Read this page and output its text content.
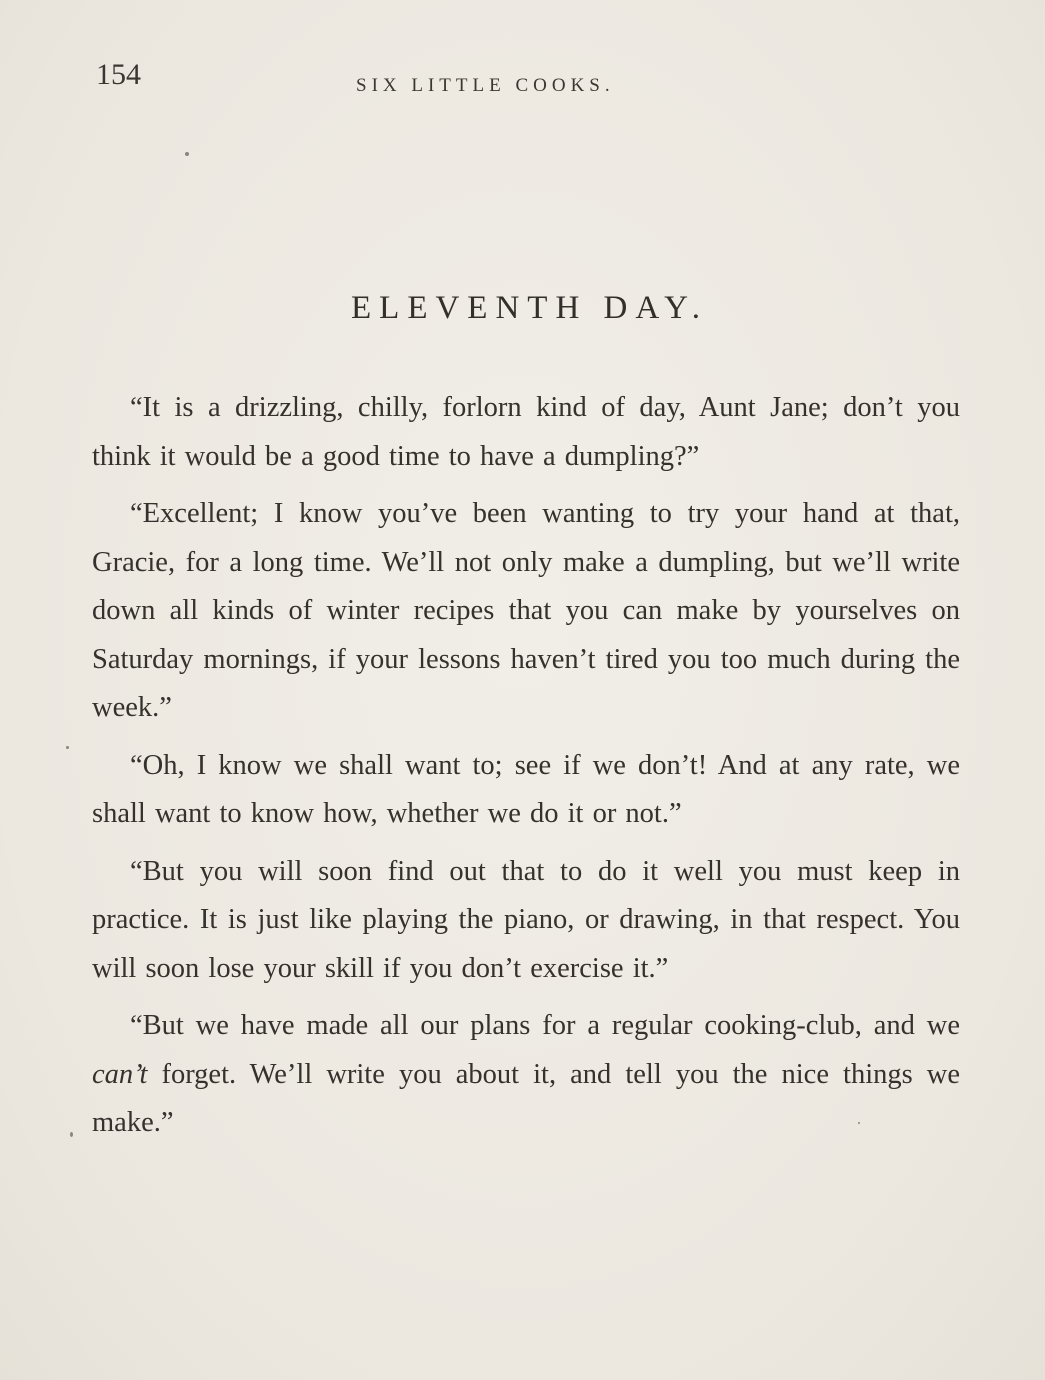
154	SIX LITTLE COOKS.
ELEVENTH DAY.

“It is a drizzling, chilly, forlorn kind of day, Aunt Jane; don’t you think it would be a good time to have a dumpling?”

“Excellent; I know you’ve been wanting to try your hand at that, Gracie, for a long time. We’ll not only make a dumpling, but we’ll write down all kinds of winter recipes that you can make by yourselves on Saturday mornings, if your lessons haven’t tired you too much during the week.”

“Oh, I know we shall want to; see if we don’t! And at any rate, we shall want to know how, whether we do it or not.”

“But you will soon find out that to do it well you must keep in practice. It is just like playing the piano, or drawing, in that respect. You will soon lose your skill if you don’t exercise it.”

“But we have made all our plans for a regular cooking-club, and we can’t forget. We’ll write you about it, and tell you the nice things we make.”
